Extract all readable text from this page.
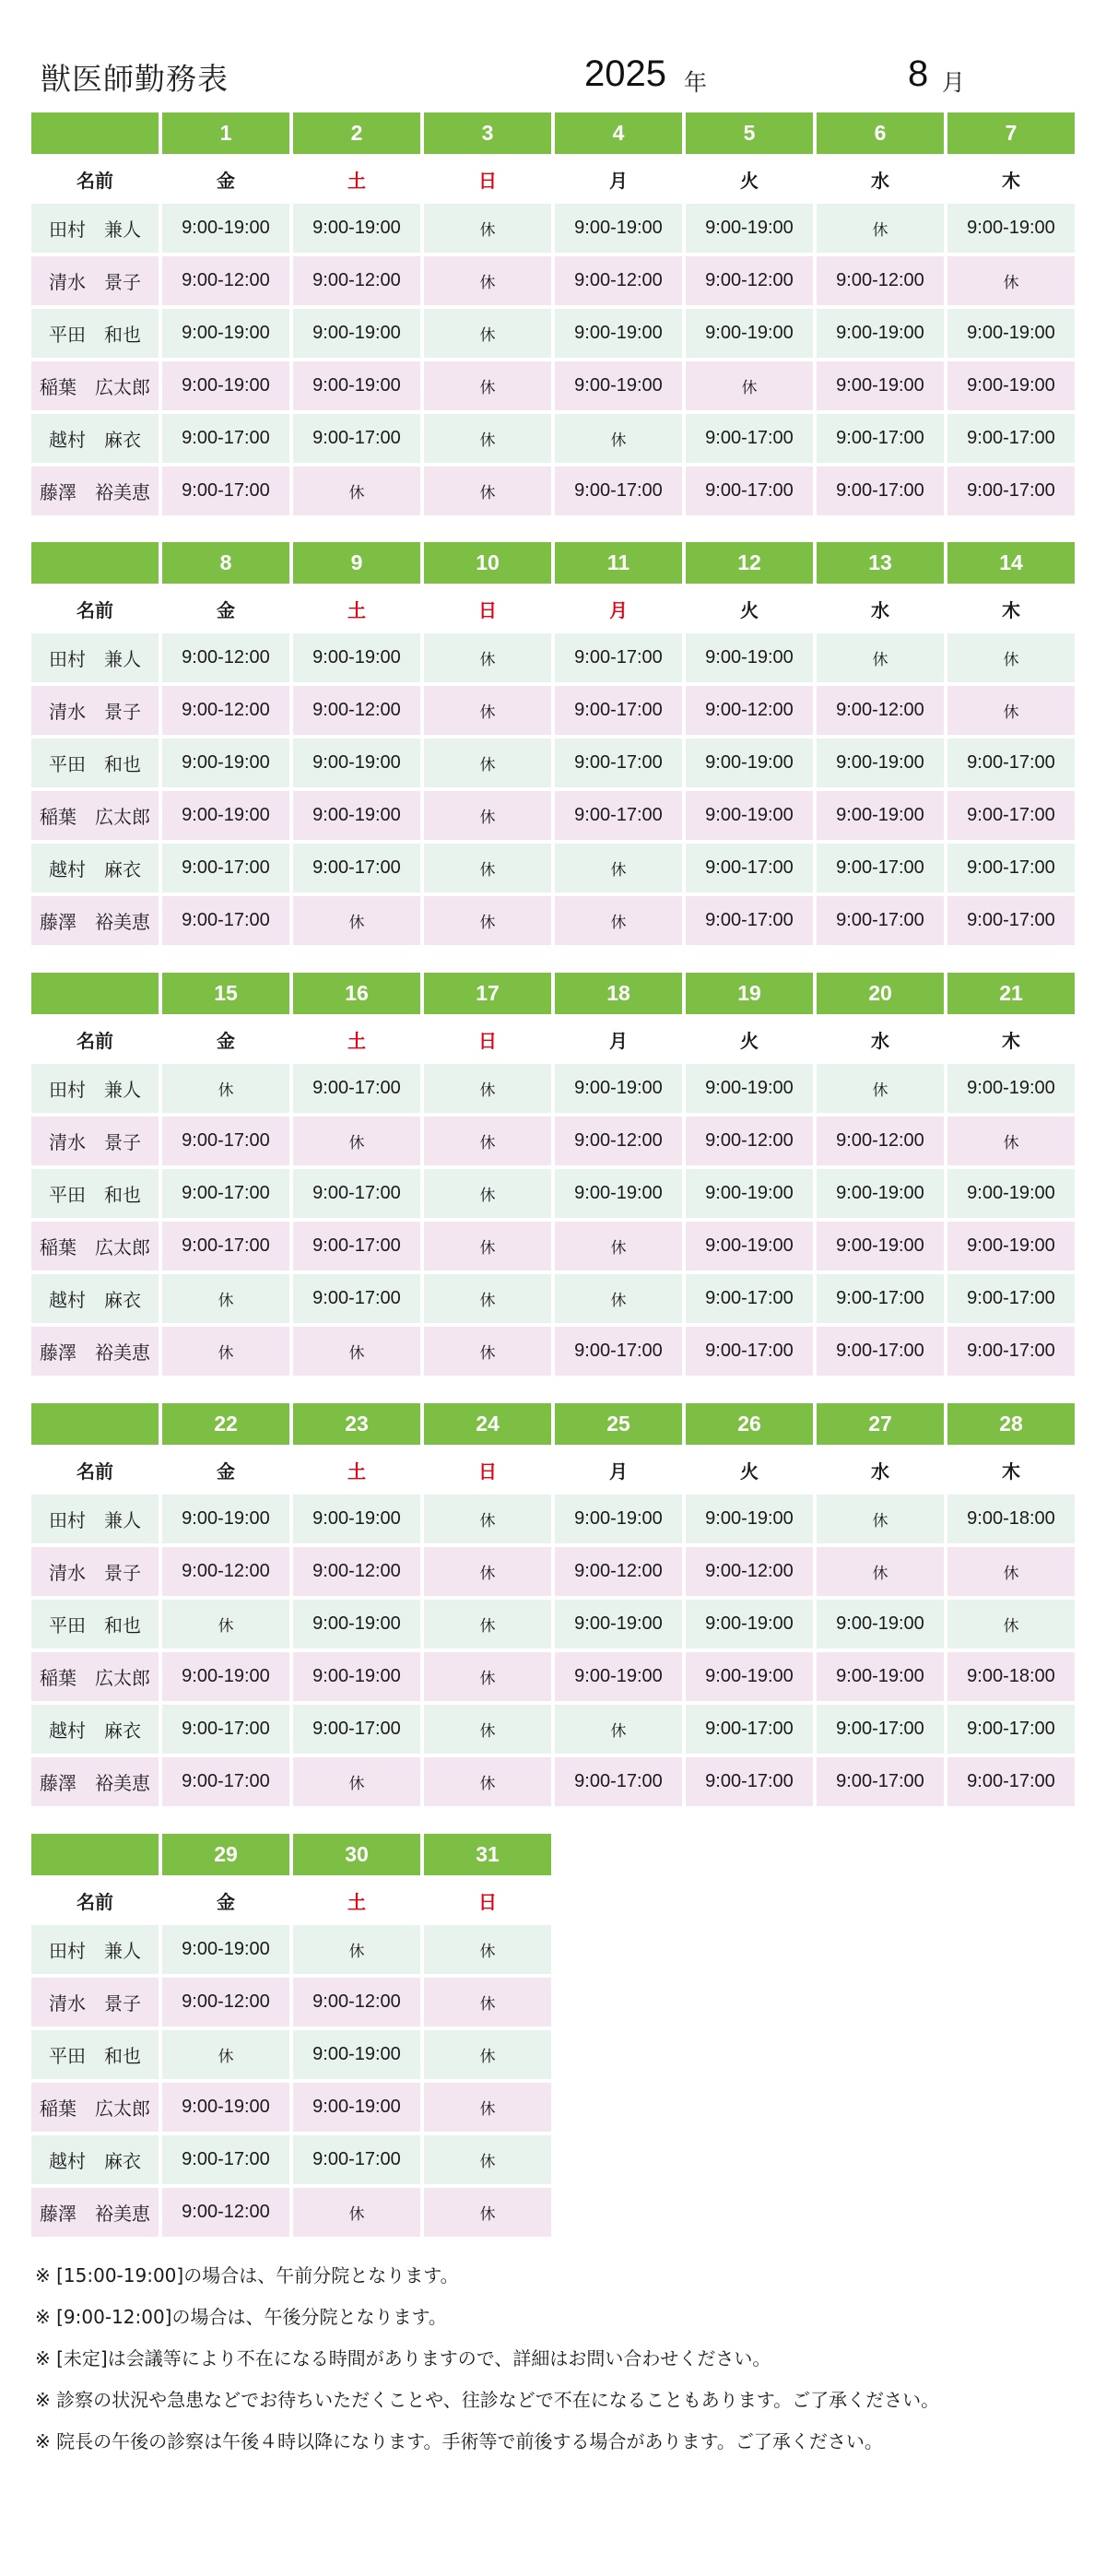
獣医師勤務表	2025 年	8 月
	1	2	3	4	5	6	7
名前	金	土	日	月	火	水	木
田村　兼人	9:00-19:00	9:00-19:00	休	9:00-19:00	9:00-19:00	休	9:00-19:00
清水　景子	9:00-12:00	9:00-12:00	休	9:00-12:00	9:00-12:00	9:00-12:00	休
平田　和也	9:00-19:00	9:00-19:00	休	9:00-19:00	9:00-19:00	9:00-19:00	9:00-19:00
稲葉　広太郎	9:00-19:00	9:00-19:00	休	9:00-19:00	休	9:00-19:00	9:00-19:00
越村　麻衣	9:00-17:00	9:00-17:00	休	休	9:00-17:00	9:00-17:00	9:00-17:00
藤澤　裕美恵	9:00-17:00	休	休	9:00-17:00	9:00-17:00	9:00-17:00	9:00-17:00
	8	9	10	11	12	13	14
名前	金	土	日	月	火	水	木
田村　兼人	9:00-12:00	9:00-19:00	休	9:00-17:00	9:00-19:00	休	休
清水　景子	9:00-12:00	9:00-12:00	休	9:00-17:00	9:00-12:00	9:00-12:00	休
平田　和也	9:00-19:00	9:00-19:00	休	9:00-17:00	9:00-19:00	9:00-19:00	9:00-17:00
稲葉　広太郎	9:00-19:00	9:00-19:00	休	9:00-17:00	9:00-19:00	9:00-19:00	9:00-17:00
越村　麻衣	9:00-17:00	9:00-17:00	休	休	9:00-17:00	9:00-17:00	9:00-17:00
藤澤　裕美恵	9:00-17:00	休	休	休	9:00-17:00	9:00-17:00	9:00-17:00
	15	16	17	18	19	20	21
名前	金	土	日	月	火	水	木
田村　兼人	休	9:00-17:00	休	9:00-19:00	9:00-19:00	休	9:00-19:00
清水　景子	9:00-17:00	休	休	9:00-12:00	9:00-12:00	9:00-12:00	休
平田　和也	9:00-17:00	9:00-17:00	休	9:00-19:00	9:00-19:00	9:00-19:00	9:00-19:00
稲葉　広太郎	9:00-17:00	9:00-17:00	休	休	9:00-19:00	9:00-19:00	9:00-19:00
越村　麻衣	休	9:00-17:00	休	休	9:00-17:00	9:00-17:00	9:00-17:00
藤澤　裕美恵	休	休	休	9:00-17:00	9:00-17:00	9:00-17:00	9:00-17:00
	22	23	24	25	26	27	28
名前	金	土	日	月	火	水	木
田村　兼人	9:00-19:00	9:00-19:00	休	9:00-19:00	9:00-19:00	休	9:00-18:00
清水　景子	9:00-12:00	9:00-12:00	休	9:00-12:00	9:00-12:00	休	休
平田　和也	休	9:00-19:00	休	9:00-19:00	9:00-19:00	9:00-19:00	休
稲葉　広太郎	9:00-19:00	9:00-19:00	休	9:00-19:00	9:00-19:00	9:00-19:00	9:00-18:00
越村　麻衣	9:00-17:00	9:00-17:00	休	休	9:00-17:00	9:00-17:00	9:00-17:00
藤澤　裕美恵	9:00-17:00	休	休	9:00-17:00	9:00-17:00	9:00-17:00	9:00-17:00
	29	30	31
名前	金	土	日
田村　兼人	9:00-19:00	休	休
清水　景子	9:00-12:00	9:00-12:00	休
平田　和也	休	9:00-19:00	休
稲葉　広太郎	9:00-19:00	9:00-19:00	休
越村　麻衣	9:00-17:00	9:00-17:00	休
藤澤　裕美恵	9:00-12:00	休	休
※ [15:00-19:00]の場合は、午前分院となります。
※ [9:00-12:00]の場合は、午後分院となります。
※ [未定]は会議等により不在になる時間がありますので、詳細はお問い合わせください。
※ 診察の状況や急患などでお待ちいただくことや、往診などで不在になることもあります。ご了承ください。
※ 院長の午後の診察は午後４時以降になります。手術等で前後する場合があります。ご了承ください。
